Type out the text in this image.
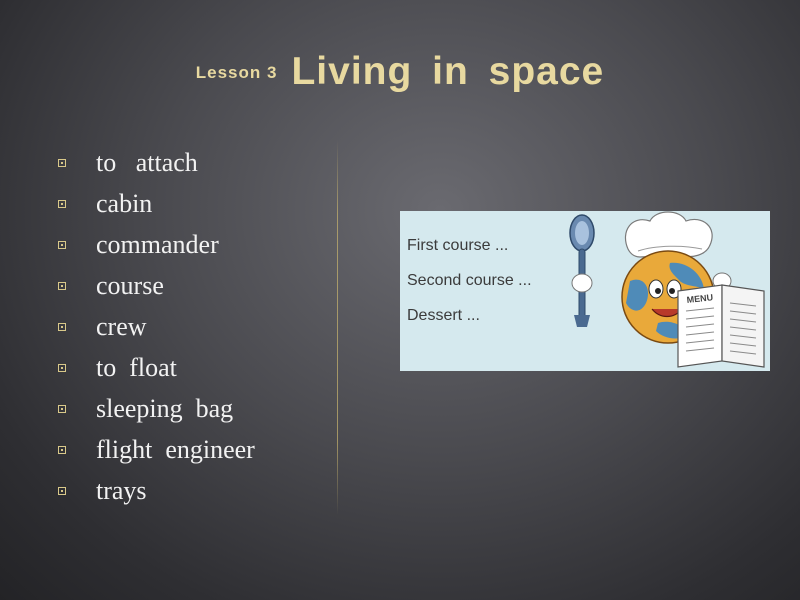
Lesson 3 Living in space
to   attach
cabin
commander
course
crew
to  float
sleeping  bag
flight  engineer
trays
First course ...
Second course ...
Dessert ...
MENU
